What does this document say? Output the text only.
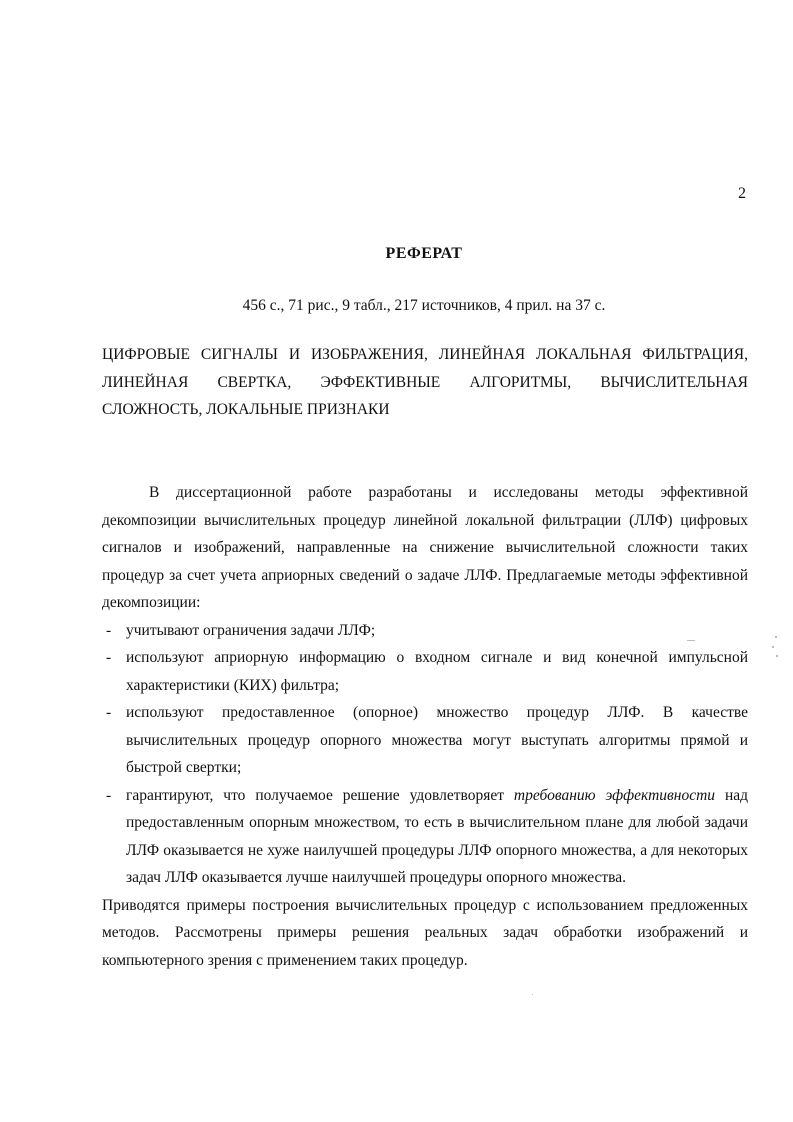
2
РЕФЕРАТ
456 с., 71 рис., 9 табл., 217 источников, 4 прил. на 37 с.
ЦИФРОВЫЕ СИГНАЛЫ И ИЗОБРАЖЕНИЯ, ЛИНЕЙНАЯ ЛОКАЛЬНАЯ ФИЛЬТРАЦИЯ, ЛИНЕЙНАЯ СВЕРТКА, ЭФФЕКТИВНЫЕ АЛГОРИТМЫ, ВЫЧИСЛИТЕЛЬНАЯ СЛОЖНОСТЬ, ЛОКАЛЬНЫЕ ПРИЗНАКИ

В диссертационной работе разработаны и исследованы методы эффективной декомпозиции вычислительных процедур линейной локальной фильтрации (ЛЛФ) цифровых сигналов и изображений, направленные на снижение вычислительной сложности таких процедур за счет учета априорных сведений о задаче ЛЛФ. Предлагаемые методы эффективной декомпозиции:

- учитывают ограничения задачи ЛЛФ;
- используют априорную информацию о входном сигнале и вид конечной импульсной характеристики (КИХ) фильтра;
- используют предоставленное (опорное) множество процедур ЛЛФ. В качестве вычислительных процедур опорного множества могут выступать алгоритмы прямой и быстрой свертки;
- гарантируют, что получаемое решение удовлетворяет требованию эффективности над предоставленным опорным множеством, то есть в вычислительном плане для любой задачи ЛЛФ оказывается не хуже наилучшей процедуры ЛЛФ опорного множества, а для некоторых задач ЛЛФ оказывается лучше наилучшей процедуры опорного множества.

Приводятся примеры построения вычислительных процедур с использованием предложенных методов. Рассмотрены примеры решения реальных задач обработки изображений и компьютерного зрения с применением таких процедур.
